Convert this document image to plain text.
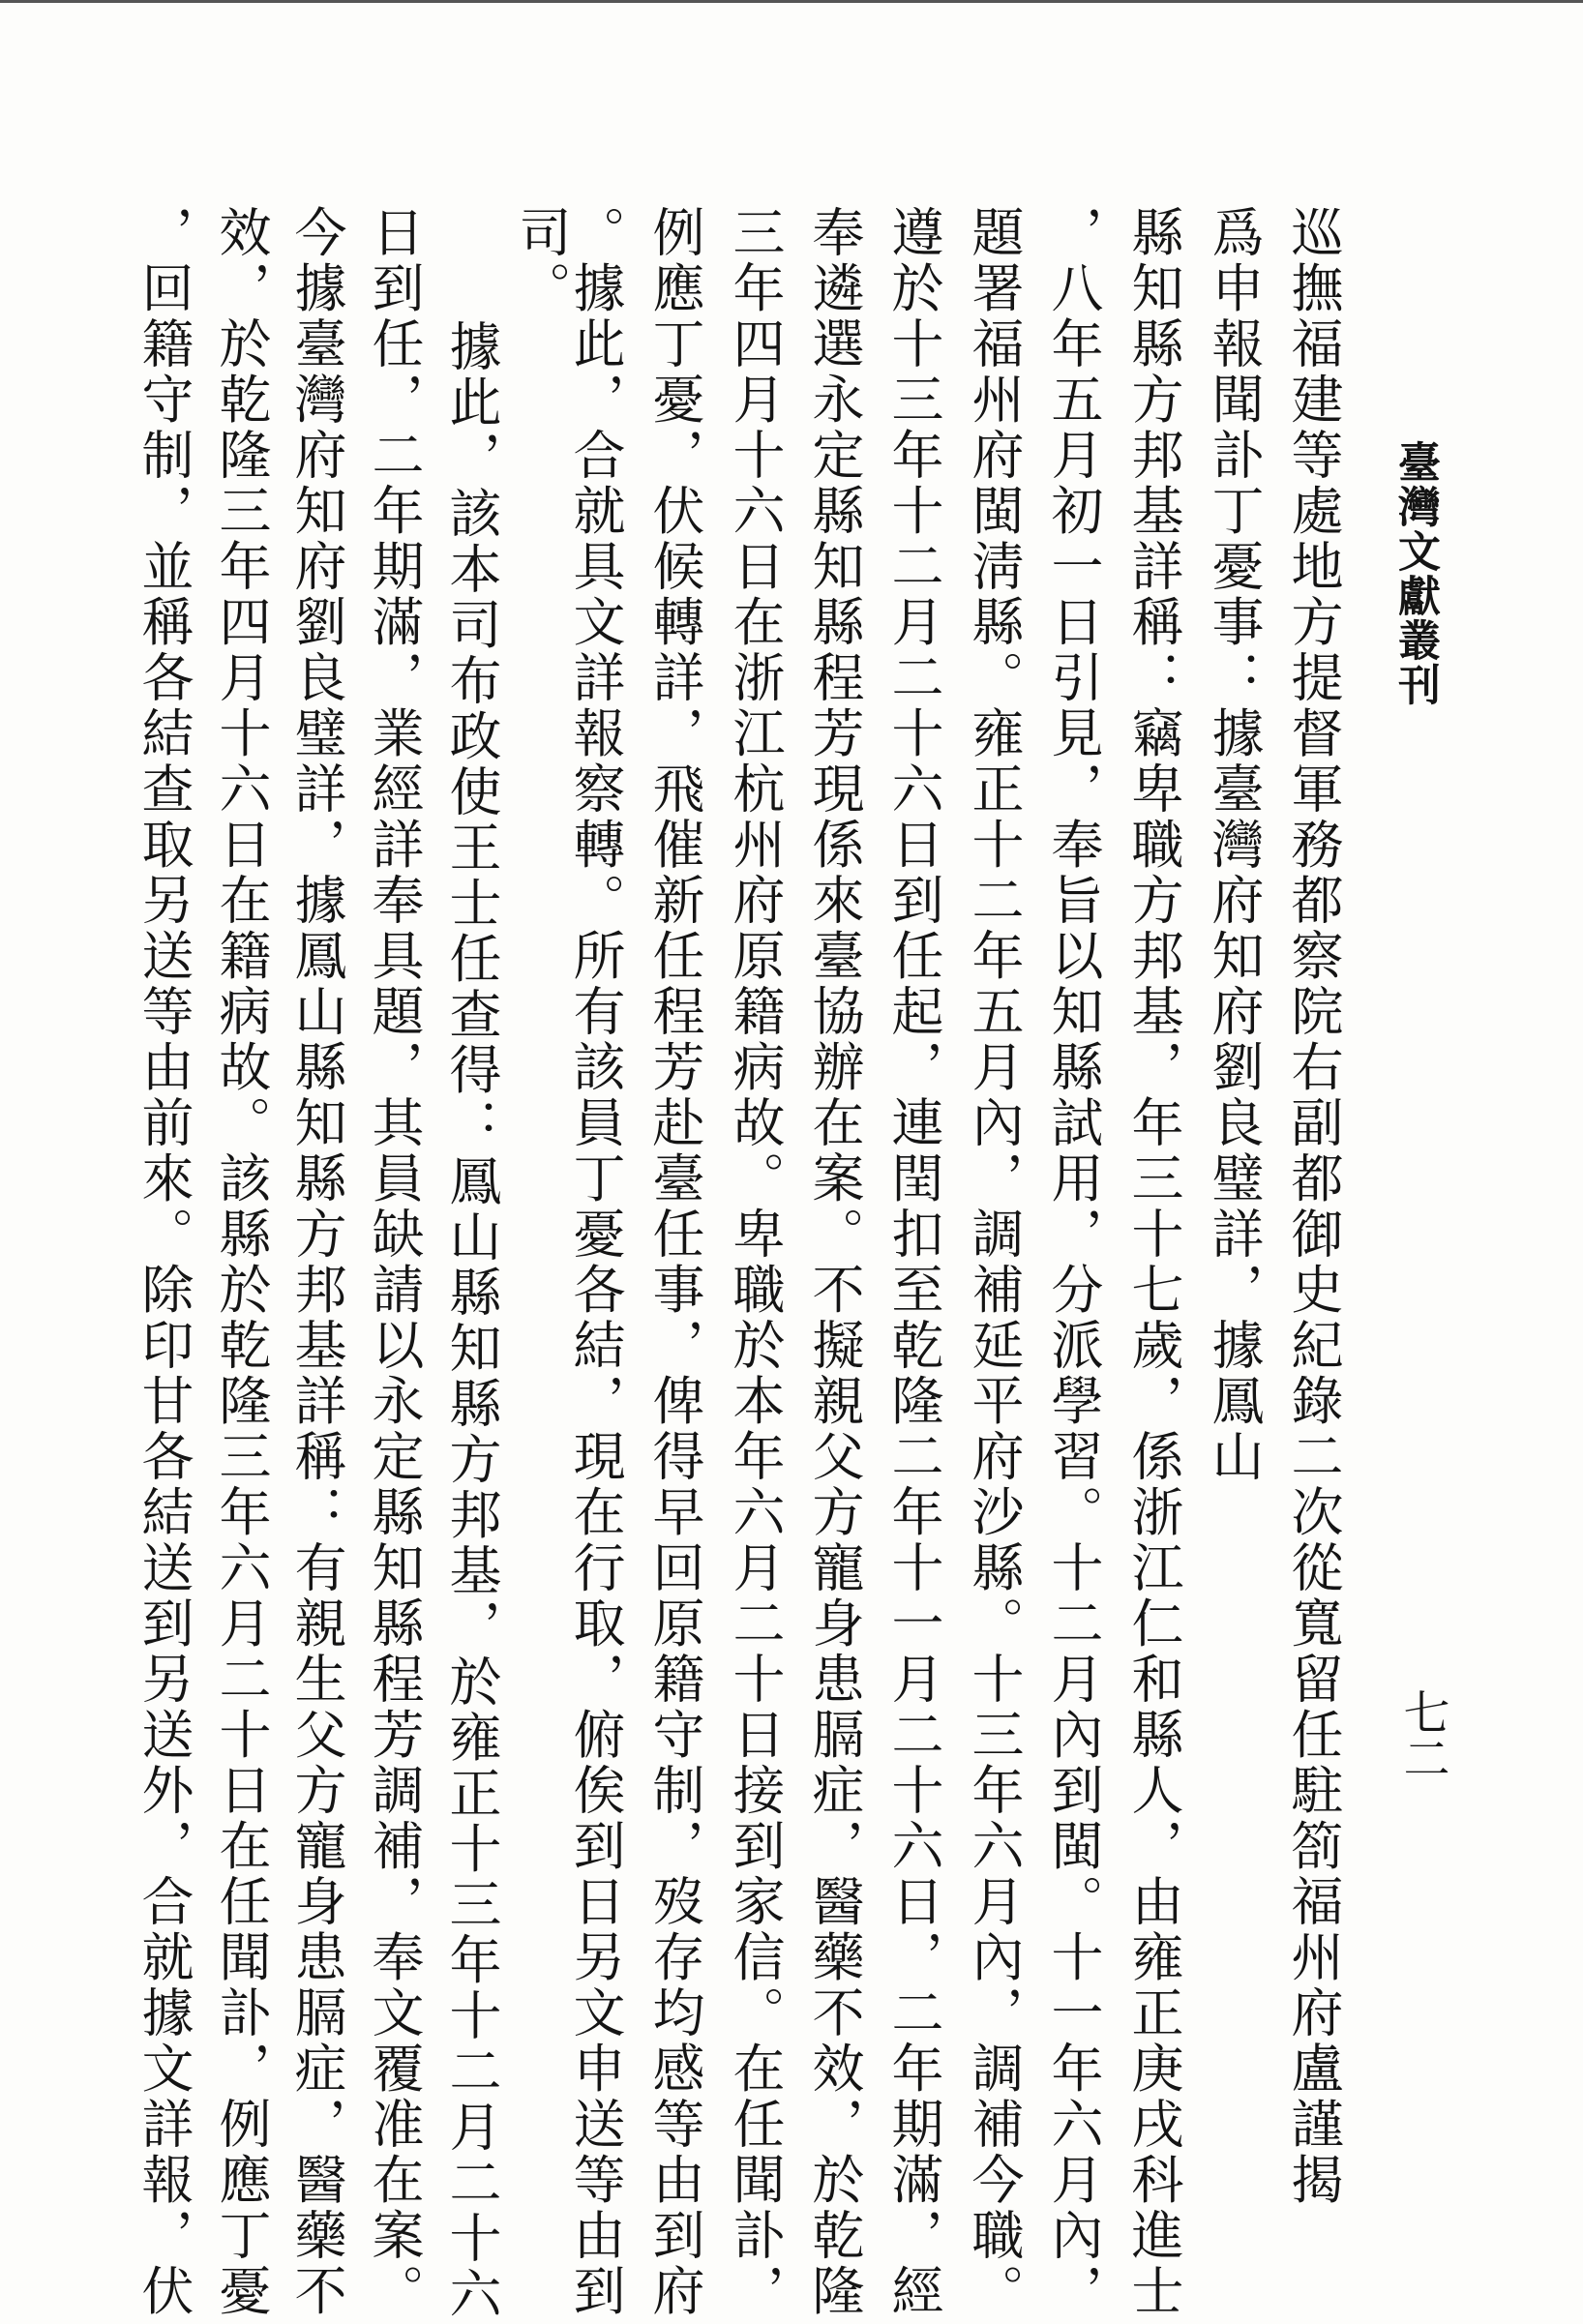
臺灣文獻叢刊
七二
巡撫福建等處地方提督軍務都察院右副都御史紀錄二次從寬留任駐箚福州府盧謹揭
爲申報聞訃丁憂事：據臺灣府知府劉良璧詳，據鳳山
縣知縣方邦基詳稱：竊卑職方邦基，年三十七歲，係浙江仁和縣人，由雍正庚戌科進士
，八年五月初一日引見，奉旨以知縣試用，分派學習。十二月內到閩。十一年六月內，
題署福州府閩淸縣。雍正十二年五月內，調補延平府沙縣。十三年六月內，調補今職。
遵於十三年十二月二十六日到任起，連閏扣至乾隆二年十一月二十六日，二年期滿，經
奉遴選永定縣知縣程芳現係來臺協辦在案。不擬親父方寵身患膈症，醫藥不效，於乾隆
三年四月十六日在浙江杭州府原籍病故。卑職於本年六月二十日接到家信。在任聞訃，
例應丁憂，伏候轉詳，飛催新任程芳赴臺任事，俾得早回原籍守制，歿存均感等由到府
。據此，合就具文詳報察轉。所有該員丁憂各結，現在行取，俯俟到日另文申送等由到
司。
據此，該本司布政使王士任查得：鳳山縣知縣方邦基，於雍正十三年十二月二十六
日到任，二年期滿，業經詳奉具題，其員缺請以永定縣知縣程芳調補，奉文覆准在案。
今據臺灣府知府劉良璧詳，據鳳山縣知縣方邦基詳稱：有親生父方寵身患膈症，醫藥不
效，於乾隆三年四月十六日在籍病故。該縣於乾隆三年六月二十日在任聞訃，例應丁憂
，回籍守制，並稱各結查取另送等由前來。除印甘各結送到另送外，合就據文詳報，伏
